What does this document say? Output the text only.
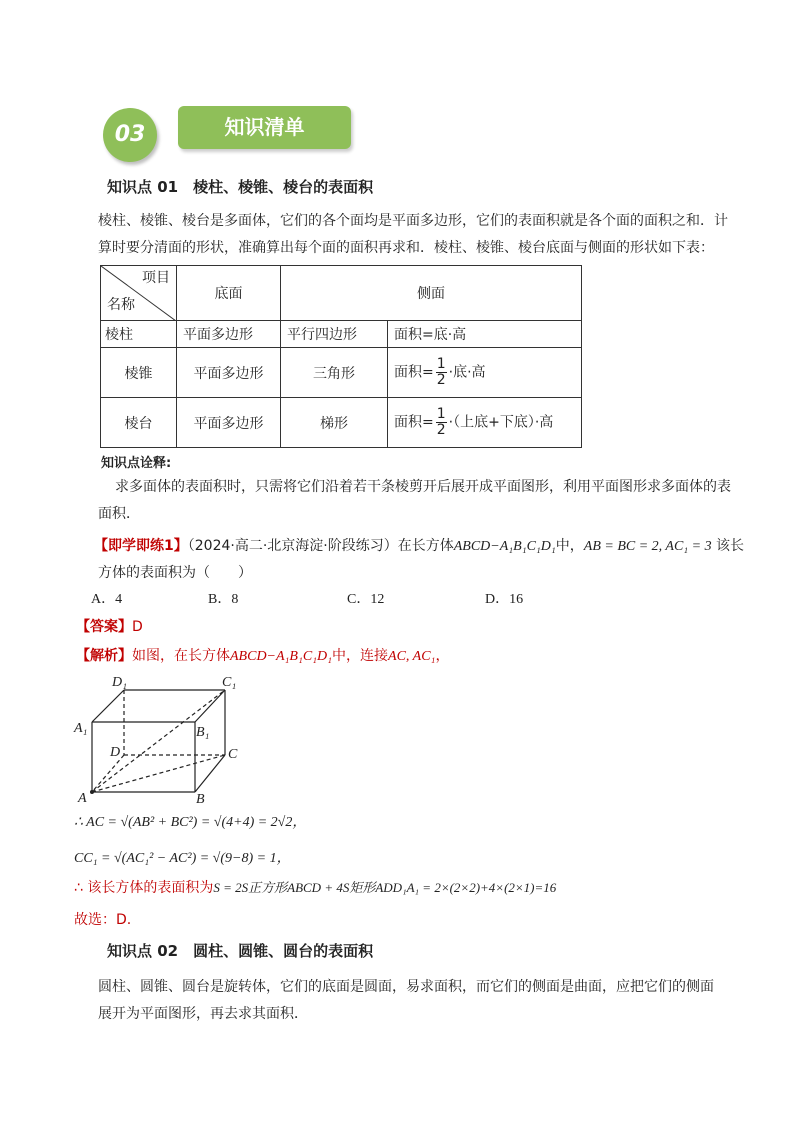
03	知识清单
知识点 01　棱柱、棱锥、棱台的表面积
棱柱、棱锥、棱台是多面体，它们的各个面均是平面多边形，它们的表面积就是各个面的面积之和．计
算时要分清面的形状，准确算出每个面的面积再求和．棱柱、棱锥、棱台底面与侧面的形状如下表：
项目
名称	底面	侧面	
棱柱	平面多边形	平行四边形	面积=底·高
棱锥	平面多边形	三角形	面积= $\frac{1}{2}$ ·底·高
棱台	平面多边形	梯形	面积= $\frac{1}{2}$ ·（上底+下底）·高
知识点诠释:
求多面体的表面积时，只需将它们沿着若干条棱剪开后展开成平面图形，利用平面图形求多面体的表
面积．
【即学即练1】（2024·高二·北京海淀·阶段练习）在长方体ABCD−A₁B₁C₁D₁中，AB = BC = 2, AC₁ = 3 该长
方体的表面积为（　　）
A．4	B．8	C．12	D．16
【答案】D
【解析】如图，在长方体ABCD−A₁B₁C₁D₁中，连接AC, AC₁，
D₁	C₁
A₁	B₁
D	C
A	B
∴ AC = √(AB² + BC²) = √(4+4) = 2√2，
CC₁ = √(AC₁² − AC²) = √(9−8) = 1，
∴ 该长方体的表面积为S = 2S正方形ABCD + 4S矩形ADD₁A₁ = 2×(2×2)+4×(2×1)=16
故选：D.
知识点 02　圆柱、圆锥、圆台的表面积
圆柱、圆锥、圆台是旋转体，它们的底面是圆面，易求面积，而它们的侧面是曲面，应把它们的侧面
展开为平面图形，再去求其面积．
